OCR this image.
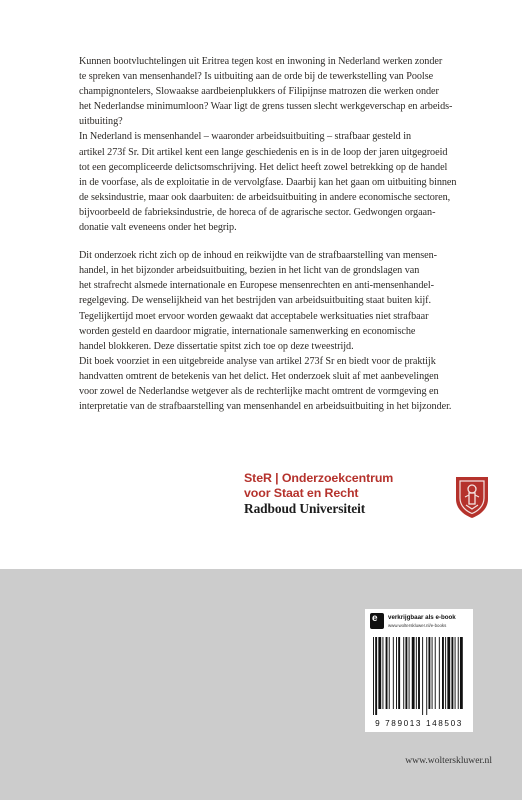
Kunnen bootvluchtelingen uit Eritrea tegen kost en inwoning in Nederland werken zonder
te spreken van mensenhandel? Is uitbuiting aan de orde bij de tewerkstelling van Poolse
champignontelers, Slowaakse aardbeienplukkers of Filipijnse matrozen die werken onder
het Nederlandse minimumloon? Waar ligt de grens tussen slecht werkgeverschap en arbeids-
uitbuiting?

In Nederland is mensenhandel – waaronder arbeidsuitbuiting – strafbaar gesteld in
artikel 273f Sr. Dit artikel kent een lange geschiedenis en is in de loop der jaren uitgegroeid
tot een gecompliceerde delictsomschrijving. Het delict heeft zowel betrekking op de handel
in de voorfase, als de exploitatie in de vervolgfase. Daarbij kan het gaan om uitbuiting binnen
de seksindustrie, maar ook daarbuiten: de arbeidsuitbuiting in andere economische sectoren,
bijvoorbeeld de fabrieksindustrie, de horeca of de agrarische sector. Gedwongen orgaan-
donatie valt eveneens onder het begrip.

Dit onderzoek richt zich op de inhoud en reikwijdte van de strafbaarstelling van mensen-
handel, in het bijzonder arbeidsuitbuiting, bezien in het licht van de grondslagen van
het strafrecht alsmede internationale en Europese mensenrechten en anti-mensenhandel-
regelgeving. De wenselijkheid van het bestrijden van arbeidsuitbuiting staat buiten kijf.
Tegelijkertijd moet ervoor worden gewaakt dat acceptabele werksituaties niet strafbaar
worden gesteld en daardoor migratie, internationale samenwerking en economische
handel blokkeren. Deze dissertatie spitst zich toe op deze tweestrijd.

Dit boek voorziet in een uitgebreide analyse van artikel 273f Sr en biedt voor de praktijk
handvatten omtrent de betekenis van het delict. Het onderzoek sluit af met aanbevelingen
voor zowel de Nederlandse wetgever als de rechterlijke macht omtrent de vormgeving en
interpretatie van de strafbaarstelling van mensenhandel en arbeidsuitbuiting in het bijzonder.

SteR | Onderzoekcentrum
voor Staat en Recht
Radboud Universiteit
e verkrijgbaar als e-book
www.wolterskluwer.nl/e-books
9 789013 148503
www.wolterskluwer.nl
